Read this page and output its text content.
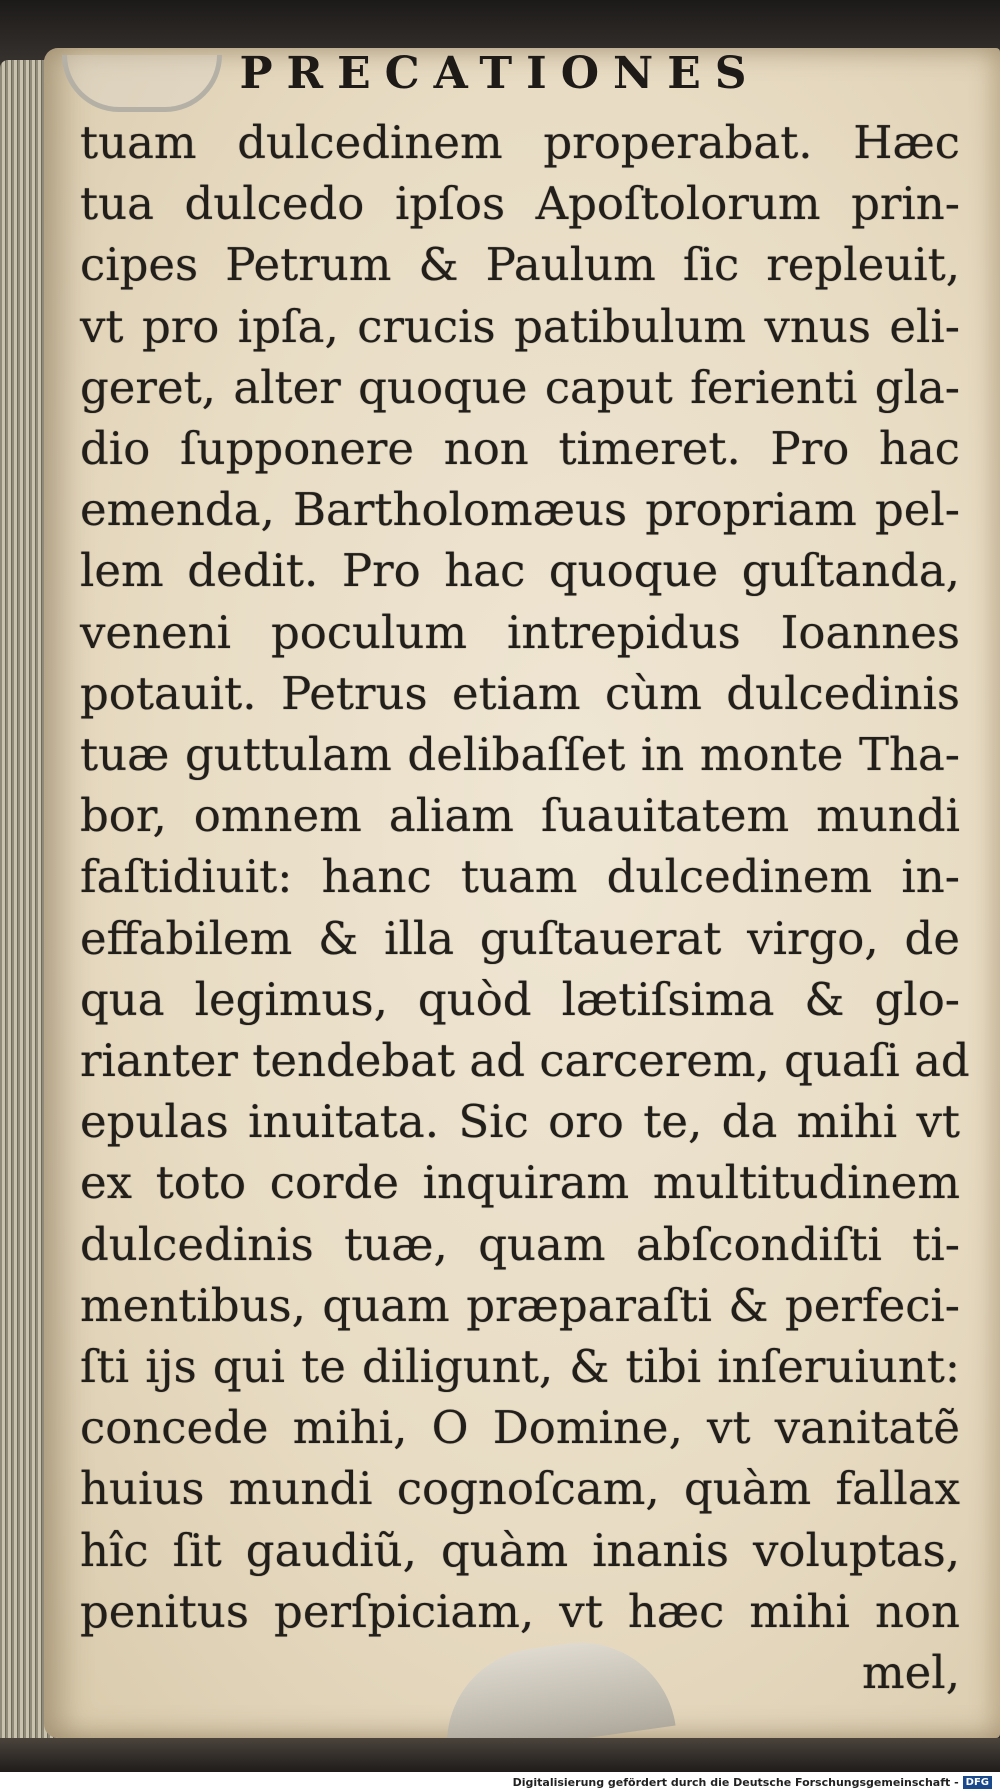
PRECATIONES
tuam dulcedinem properabat. Hæc
tua dulcedo ipſos Apoſtolorum prin-
cipes Petrum & Paulum ſic repleuit,
vt pro ipſa, crucis patibulum vnus eli-
geret, alter quoque caput ferienti gla-
dio ſupponere non timeret. Pro hac
emenda, Bartholomæus propriam pel-
lem dedit. Pro hac quoque guſtanda,
veneni poculum intrepidus Ioannes
potauit. Petrus etiam cùm dulcedinis
tuæ guttulam delibaſſet in monte Tha-
bor, omnem aliam ſuauitatem mundi
faſtidiuit: hanc tuam dulcedinem in-
effabilem & illa guſtauerat virgo, de
qua legimus, quòd lætiſsima & glo-
rianter tendebat ad carcerem, quaſi ad
epulas inuitata. Sic oro te, da mihi vt
ex toto corde inquiram multitudinem
dulcedinis tuæ, quam abſcondiſti ti-
mentibus, quam præparaſti & perfeci-
ſti ijs qui te diligunt, & tibi inſeruiunt:
concede mihi, O Domine, vt vanitatẽ
huius mundi cognoſcam, quàm fallax
hîc ſit gaudiũ, quàm inanis voluptas,
penitus perſpiciam, vt hæc mihi non
mel,
Digitalisierung gefördert durch die Deutsche Forschungsgemeinschaft - DFG
